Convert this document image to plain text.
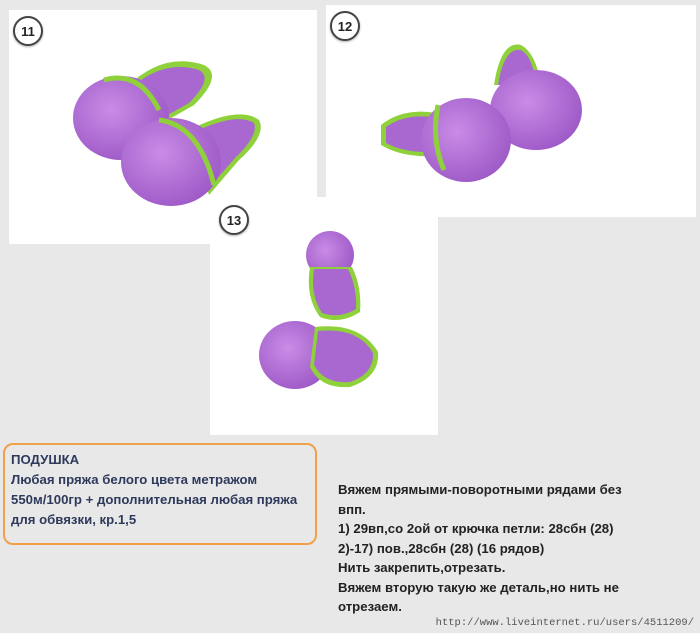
11	12
13
ПОДУШКА
Любая пряжа белого цвета метражом
550м/100гр + дополнительная любая пряжа
для обвязки, кр.1,5
Вяжем прямыми-поворотными рядами без
впп.
1) 29вп,со 2ой от крючка петли: 28сбн (28)
2)-17) пов.,28сбн (28) (16 рядов)
Нить закрепить,отрезать.
Вяжем вторую такую же деталь,но нить не
отрезаем.
http://www.liveinternet.ru/users/4511209/
